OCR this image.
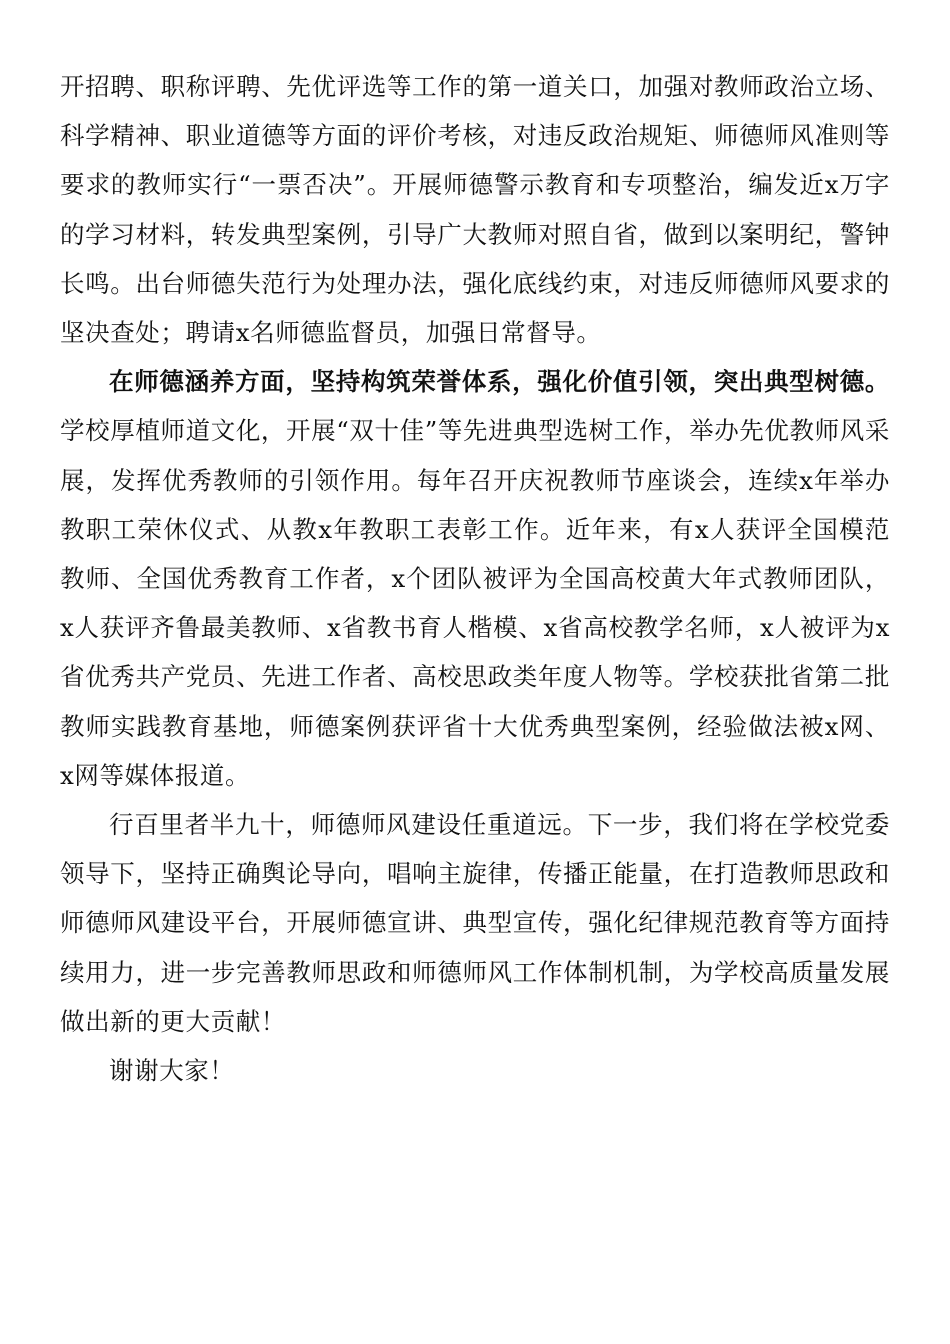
开招聘、职称评聘、先优评选等工作的第一道关口，加强对教师政治立场、科学精神、职业道德等方面的评价考核，对违反政治规矩、师德师风准则等要求的教师实行“一票否决”。开展师德警示教育和专项整治，编发近x万字的学习材料，转发典型案例，引导广大教师对照自省，做到以案明纪，警钟长鸣。出台师德失范行为处理办法，强化底线约束，对违反师德师风要求的坚决查处；聘请x名师德监督员，加强日常督导。

在师德涵养方面，坚持构筑荣誉体系，强化价值引领，突出典型树德。学校厚植师道文化，开展“双十佳”等先进典型选树工作，举办先优教师风采展，发挥优秀教师的引领作用。每年召开庆祝教师节座谈会，连续x年举办教职工荣休仪式、从教x年教职工表彰工作。近年来，有x人获评全国模范教师、全国优秀教育工作者，x个团队被评为全国高校黄大年式教师团队，x人获评齐鲁最美教师、x省教书育人楷模、x省高校教学名师，x人被评为x省优秀共产党员、先进工作者、高校思政类年度人物等。学校获批省第二批教师实践教育基地，师德案例获评省十大优秀典型案例，经验做法被x网、x网等媒体报道。

行百里者半九十，师德师风建设任重道远。下一步，我们将在学校党委领导下，坚持正确舆论导向，唱响主旋律，传播正能量，在打造教师思政和师德师风建设平台，开展师德宣讲、典型宣传，强化纪律规范教育等方面持续用力，进一步完善教师思政和师德师风工作体制机制，为学校高质量发展做出新的更大贡献！

谢谢大家！
